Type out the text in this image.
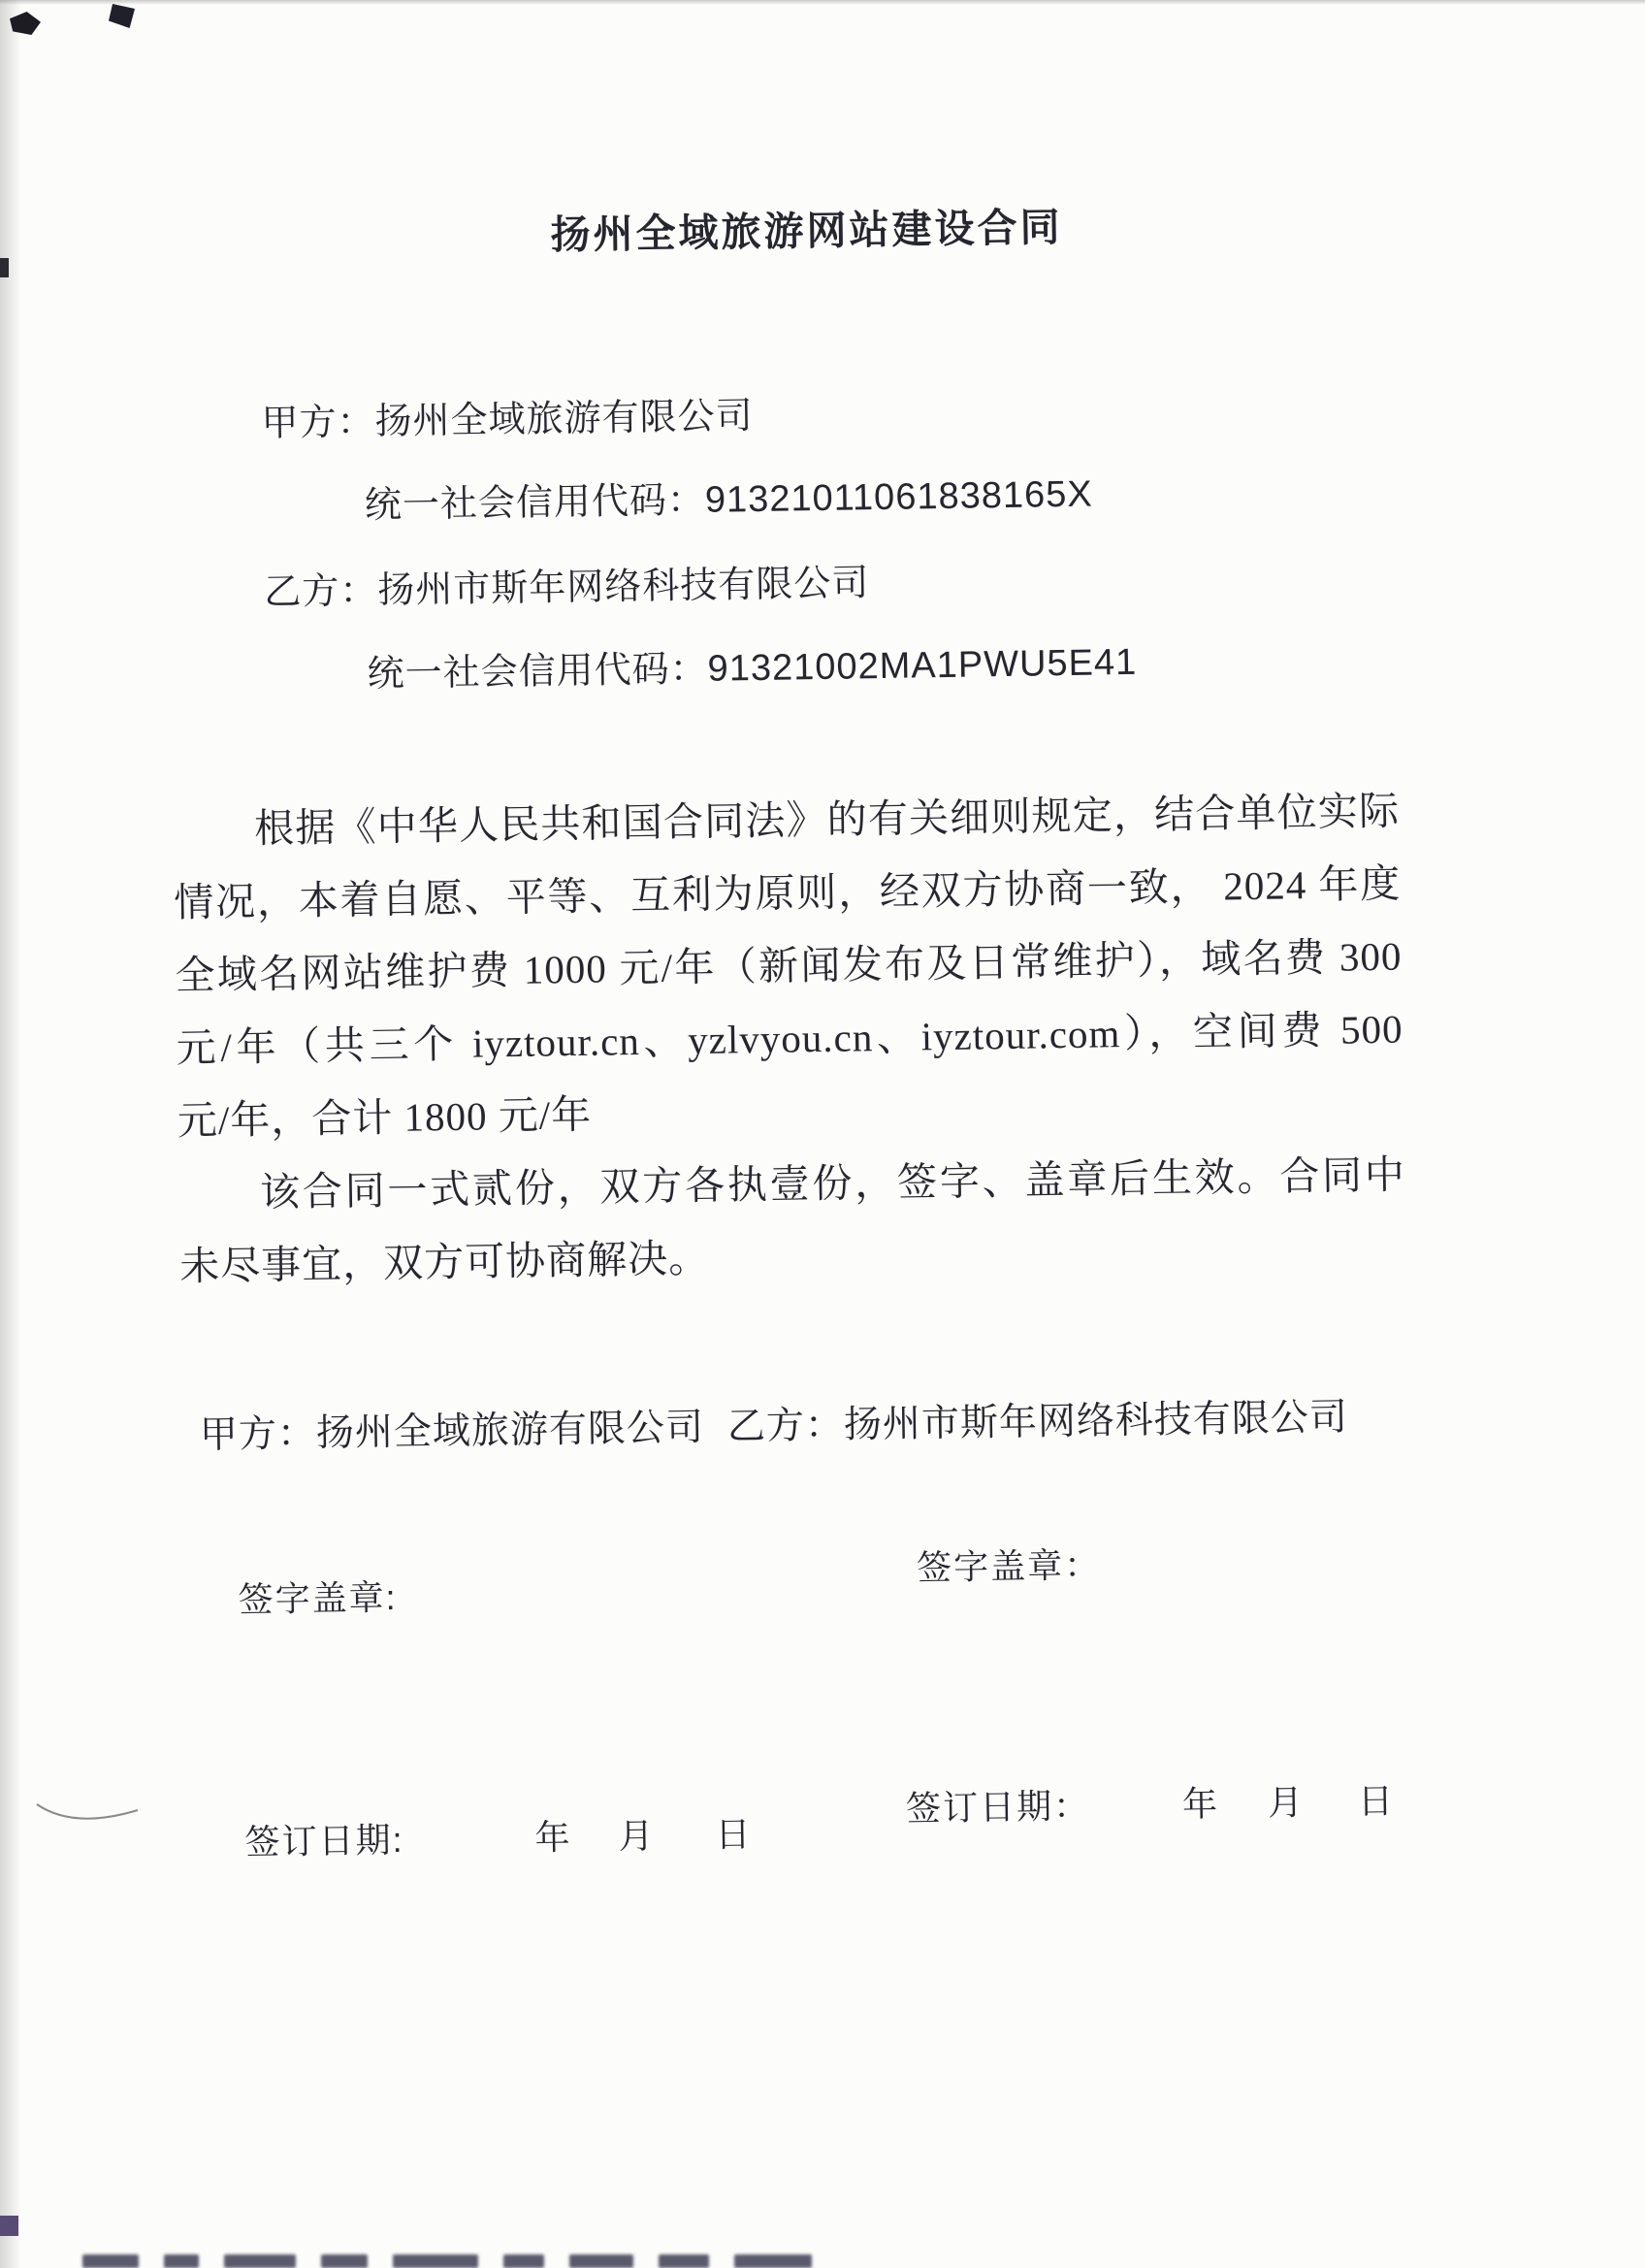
扬州全域旅游网站建设合同
甲方：扬州全域旅游有限公司
统一社会信用代码：91321011061838165X
乙方：扬州市斯年网络科技有限公司
统一社会信用代码：91321002MA1PWU5E41
根据《中华人民共和国合同法》的有关细则规定，结合单位实际
情况，本着自愿、平等、互利为原则，经双方协商一致， 2024 年度
全域名网站维护费 1000 元/年（新闻发布及日常维护），域名费 300
元/年（共三个 iyztour.cn、yzlvyou.cn、iyztour.com），空间费 500
元/年，合计 1800 元/年
该合同一式贰份，双方各执壹份，签字、盖章后生效。合同中
未尽事宜，双方可协商解决。
甲方：扬州全域旅游有限公司 乙方：扬州市斯年网络科技有限公司
签字盖章:
签字盖章：
签订日期:	年 月 日
签订日期：	年 月 日
